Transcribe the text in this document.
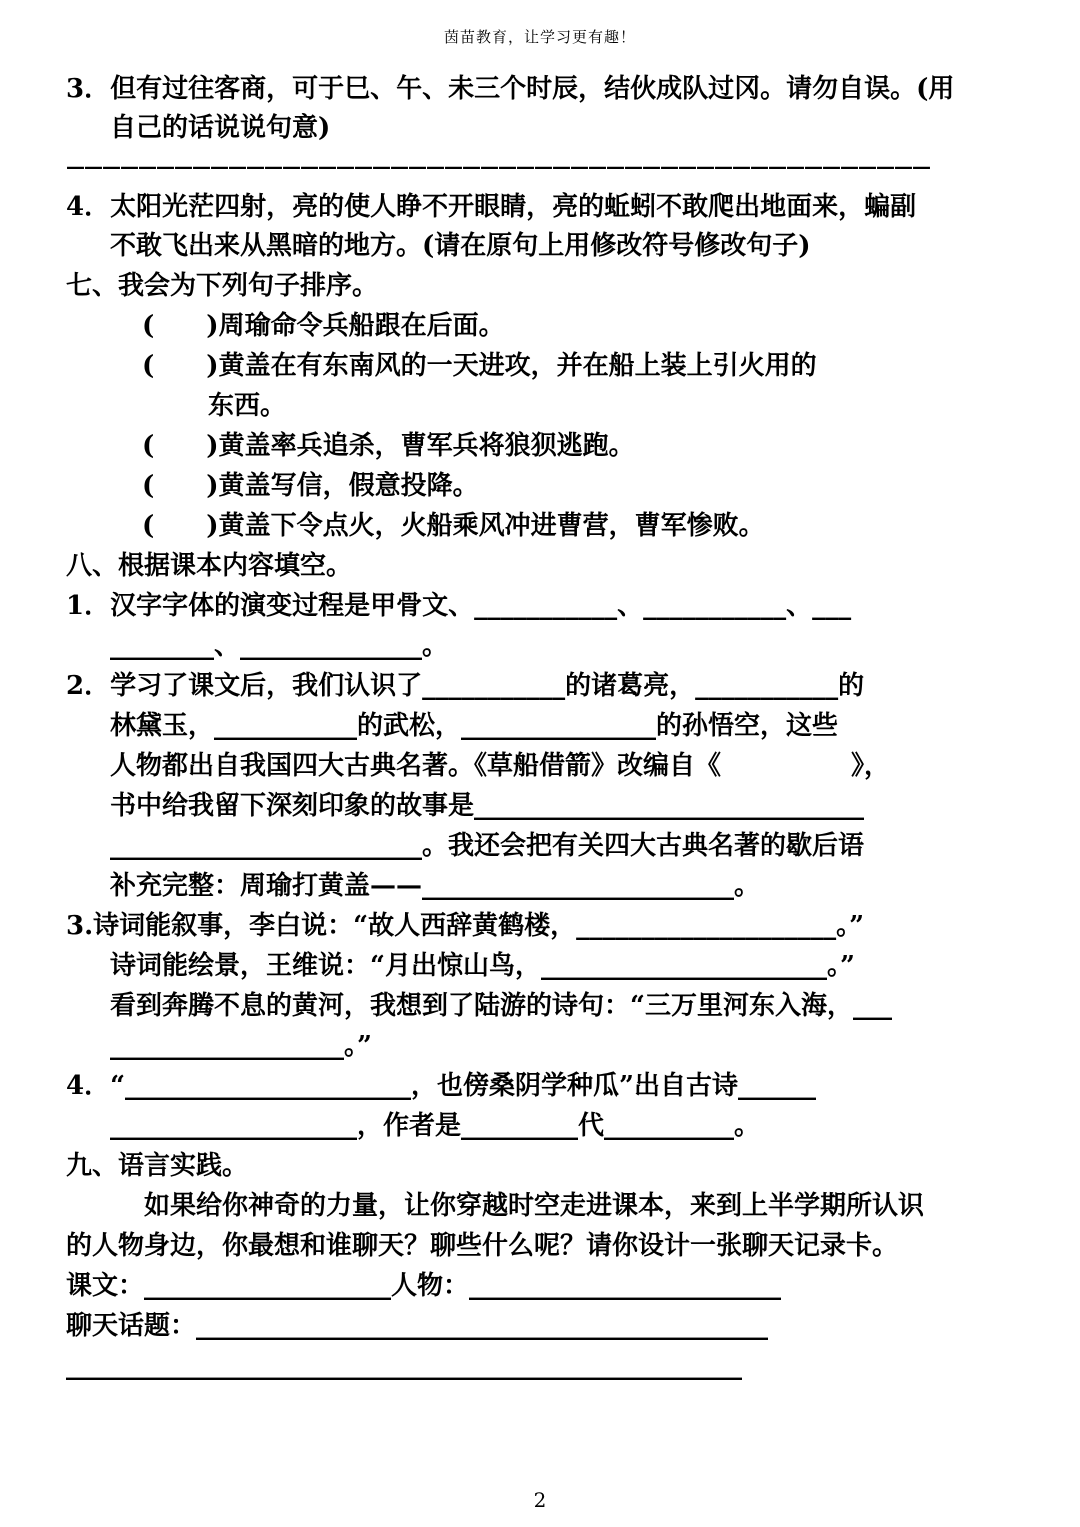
茵苗教育，让学习更有趣！
3．但有过往客商，可于巳、午、未三个时辰，结伙成队过冈。请勿自误。(用
自己的话说说句意)
————————————————————————————————————————————————
4．太阳光茫四射，亮的使人睁不开眼睛，亮的蚯蚓不敢爬出地面来，蝙副
不敢飞出来从黑暗的地方。(请在原句上用修改符号修改句子)
七、我会为下列句子排序。
(　　)周瑜命令兵船跟在后面。
(　　)黄盖在有东南风的一天进攻，并在船上装上引火用的
东西。
(　　)黄盖率兵追杀，曹军兵将狼狈逃跑。
(　　)黄盖写信，假意投降。
(　　)黄盖下令点火，火船乘风冲进曹营，曹军惨败。
八、根据课本内容填空。
1．汉字字体的演变过程是甲骨文、___________、___________、___
________、______________。
2．学习了课文后，我们认识了___________的诸葛亮，___________的
林黛玉，___________的武松，_______________的孙悟空，这些
人物都出自我国四大古典名著。《草船借箭》改编自《　　　　　》，
书中给我留下深刻印象的故事是______________________________
________________________。我还会把有关四大古典名著的歇后语
补充完整：周瑜打黄盖——________________________。
3.诗词能叙事，李白说：“故人西辞黄鹤楼，____________________。”
诗词能绘景，王维说：“月出惊山鸟，______________________。”
看到奔腾不息的黄河，我想到了陆游的诗句：“三万里河东入海，___
__________________。”
4．“______________________，也傍桑阴学种瓜”出自古诗______
___________________，作者是_________代__________。
九、语言实践。
　　如果给你神奇的力量，让你穿越时空走进课本，来到上半学期所认识
的人物身边，你最想和谁聊天？聊些什么呢？请你设计一张聊天记录卡。
课文：___________________人物：________________________
聊天话题：____________________________________________
____________________________________________________
2
